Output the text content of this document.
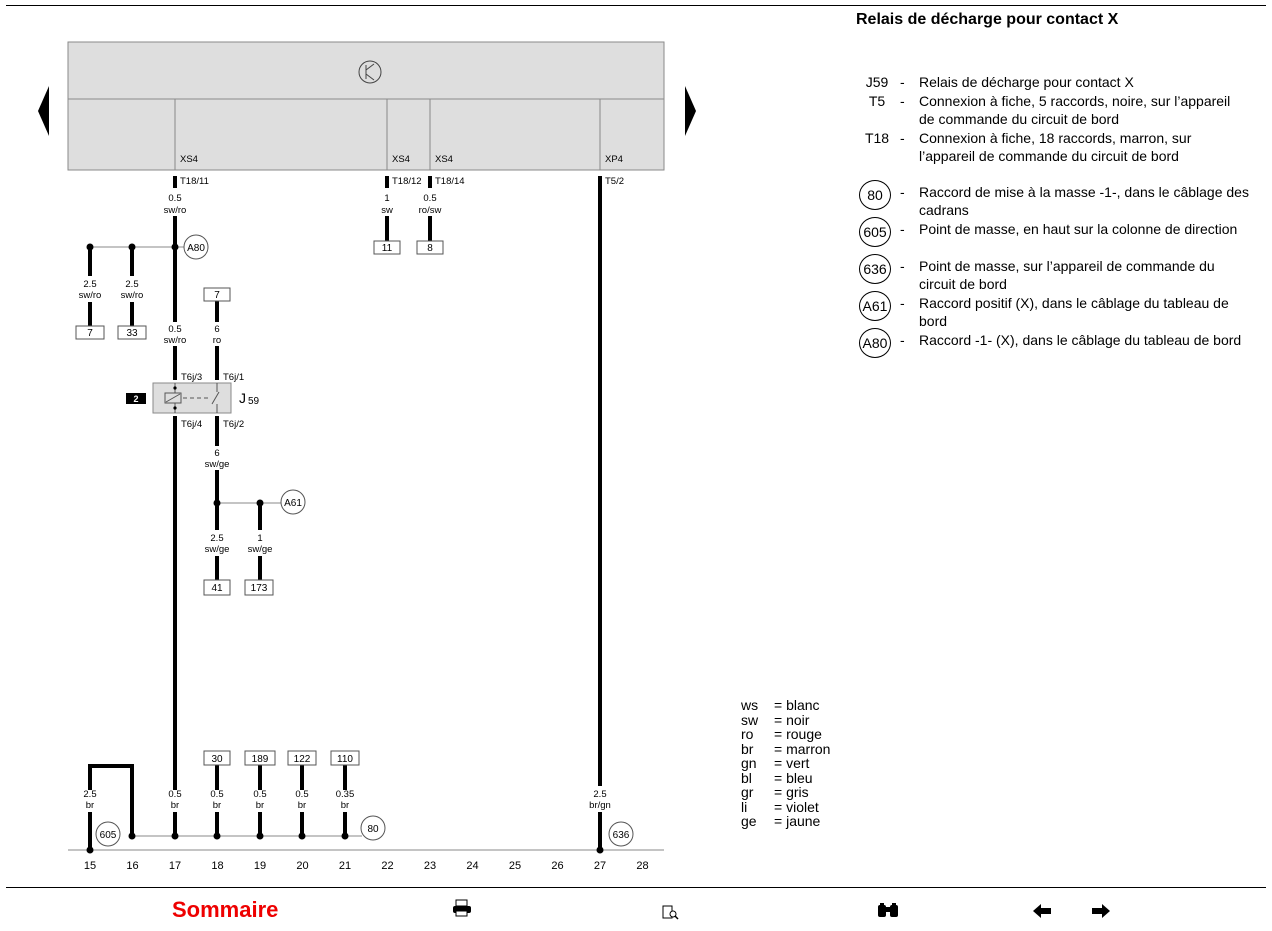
Relais de décharge pour contact X
J59 - Relais de décharge pour contact X
T5	- Connexion à fiche, 5 raccords, noire, sur l’appareil de commande du circuit de bord
T18 - Connexion à fiche, 18 raccords, marron, sur l’appareil de commande du circuit de bord
80	- Raccord de mise à la masse -1-, dans le câblage des cadrans
605 - Point de masse, en haut sur la colonne de direction
636 - Point de masse, sur l’appareil de commande du circuit de bord
A61 - Raccord positif (X), dans le câblage du tableau de bord
A80 - Raccord -1- (X), dans le câblage du tableau de bord
ws	= blanc
sw	= noir
ro	= rouge
br	= marron
gn	= vert
bl	= bleu
gr	= gris
li	= violet
ge	= jaune
XS4	XS4	XS4	XP4
T18/11	T18/12 T18/14	T5/2
T6j/3 T6j/1
T6j/4 T6j/2
0.5
sw/ro
1
sw
0.5
ro/sw
2.5
sw/ro
2.5
sw/ro
0.5
sw/ro
6
ro
6
sw/ge
2.5
sw/ge
1
sw/ge
2.5
br
0.5
br
0.5
br
0.5
br
0.5
br
0.35
br
2.5
br/gn
11	8
7	33
7
41	173
30	189	122	110
2	J 59
A80
A61
605
80
636
15	16	17	18	19	20	21	22	23	24	25	26	27	28
Sommaire
